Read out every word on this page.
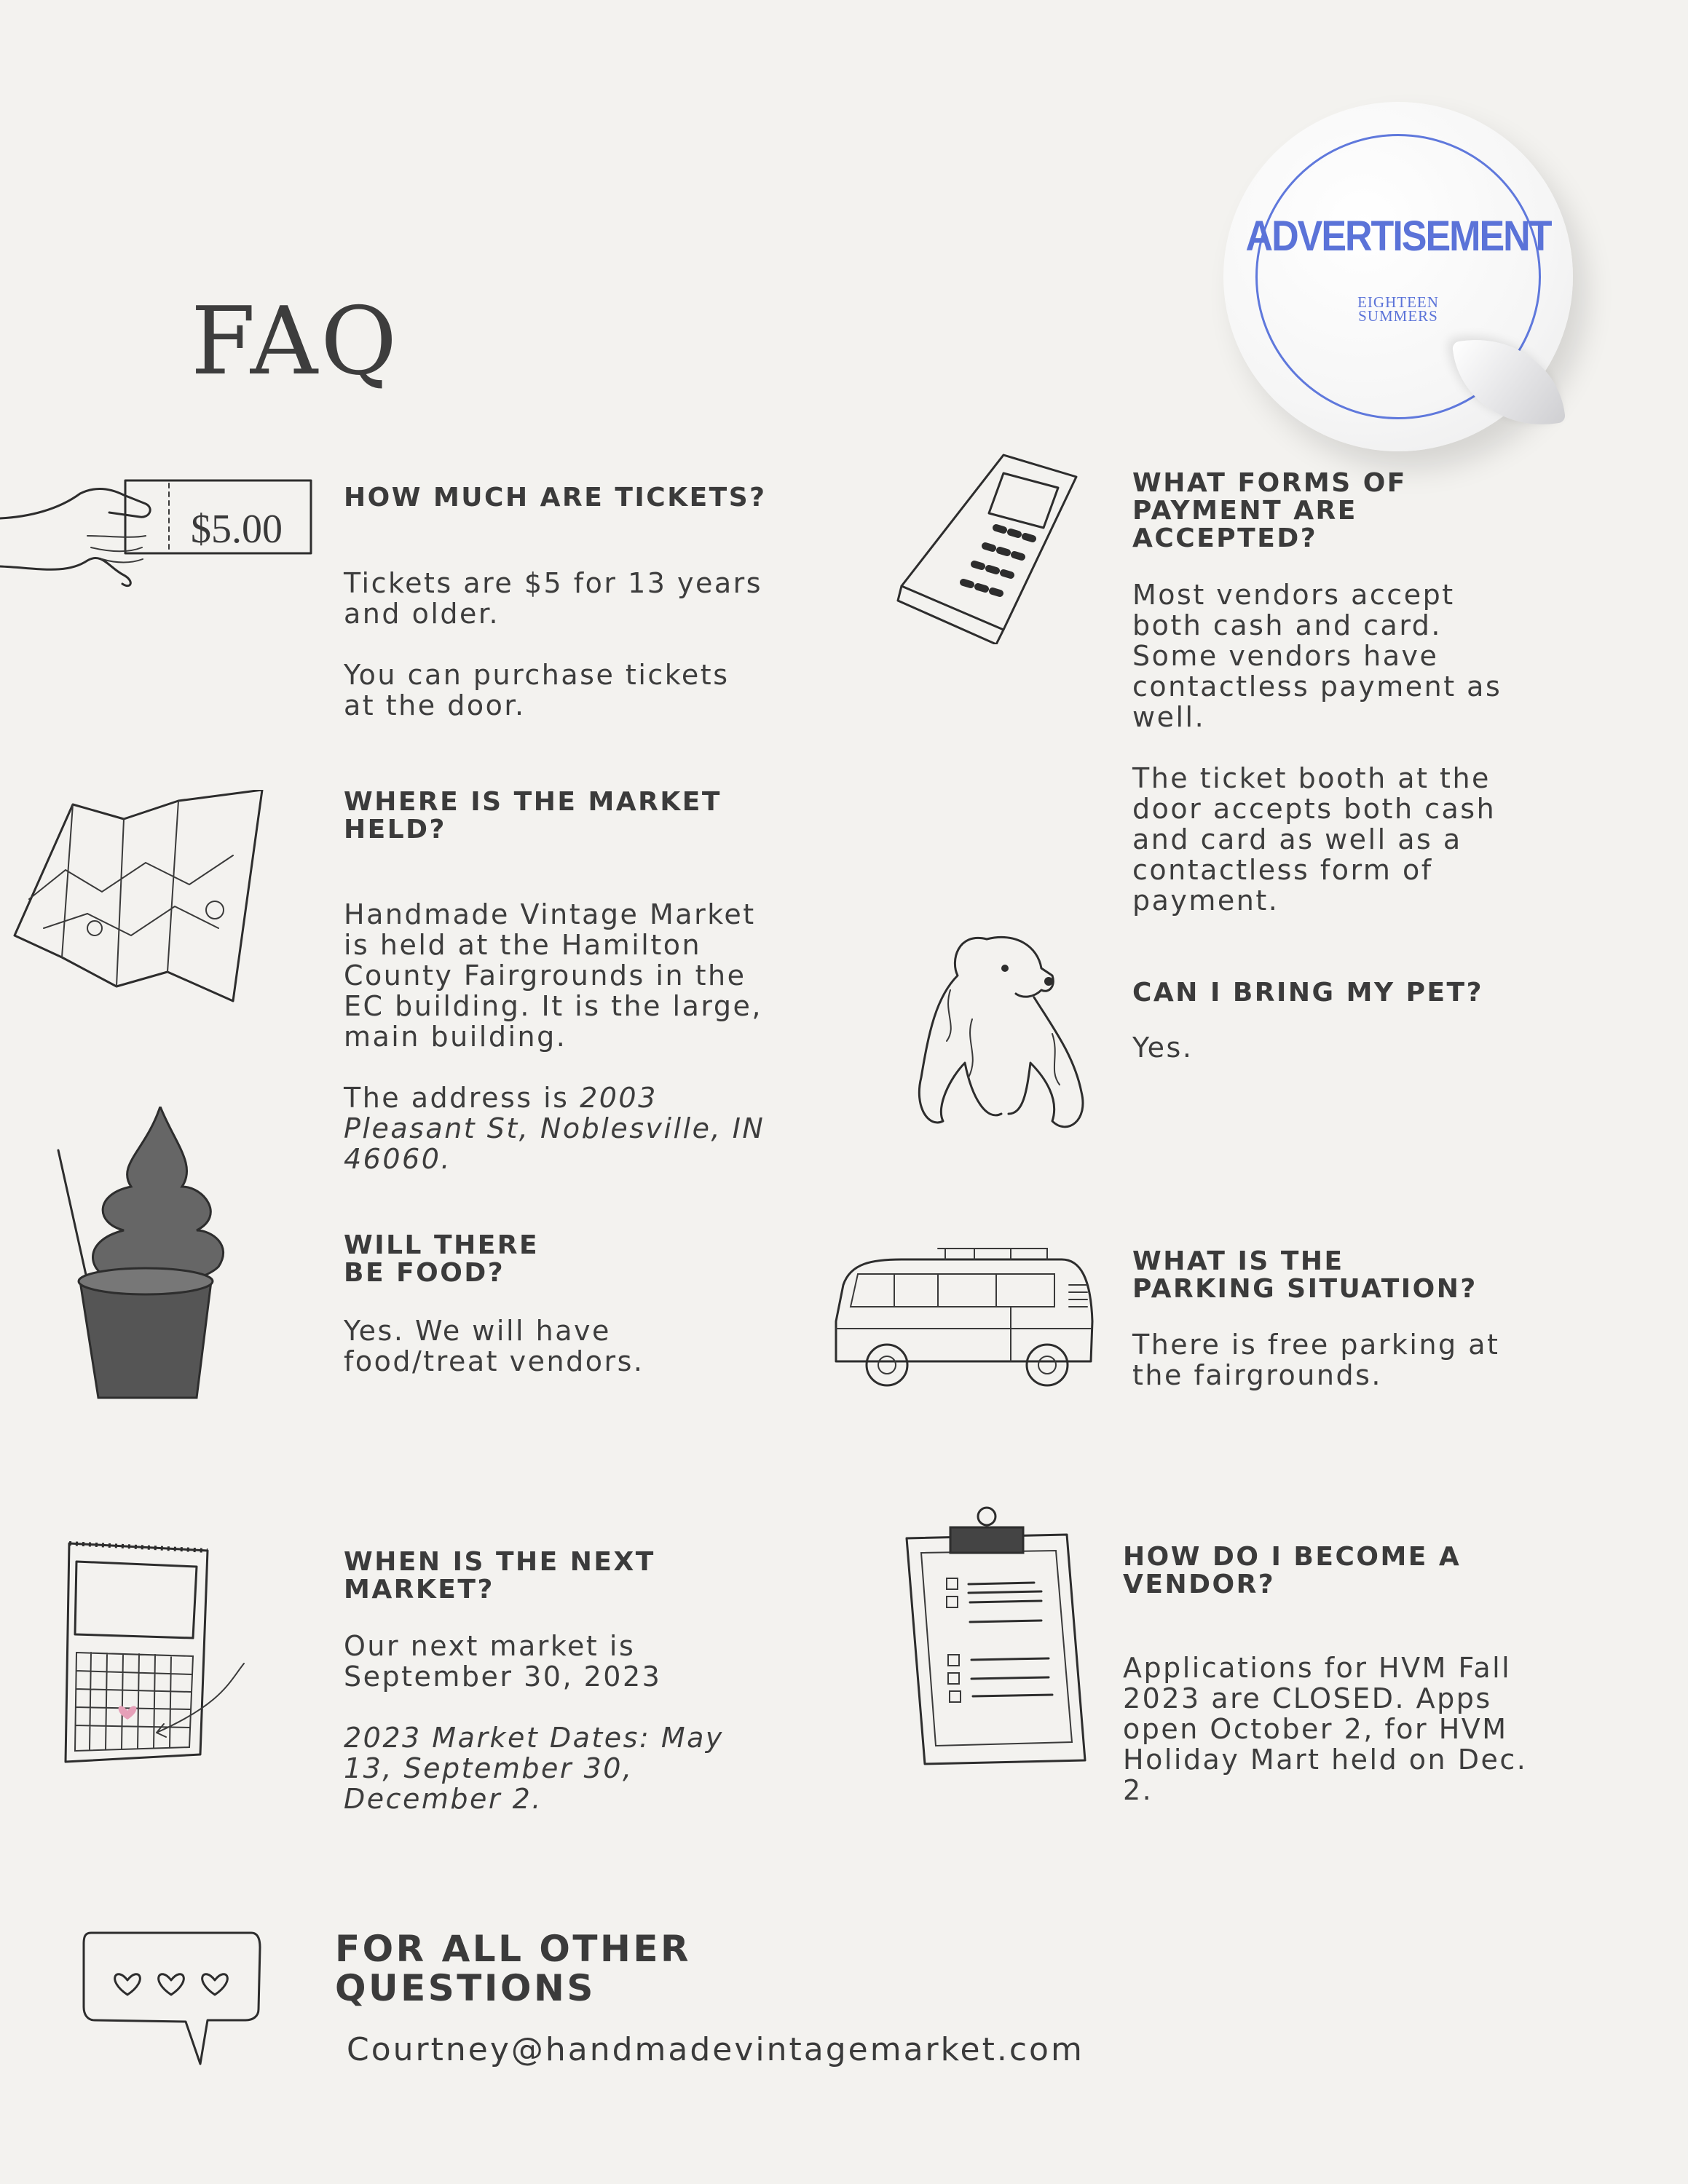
FAQ
ADVERTISEMENT
EIGHTEEN
SUMMERS
$5.00

HOW MUCH ARE TICKETS?

Tickets are $5 for 13 years
and older.

You can purchase tickets
at the door.

WHERE IS THE MARKET

HELD?

Handmade Vintage Market
is held at the Hamilton
County Fairgrounds in the
EC building. It is the large,
main building.

The address is 2003
Pleasant St, Noblesville, IN
46060.

WILL THERE

BE FOOD?

Yes. We will have
food/treat vendors.

WHEN IS THE NEXT

MARKET?

Our next market is
September 30, 2023

2023 Market Dates: May
13, September 30,
December 2.

WHAT FORMS OF

PAYMENT ARE

ACCEPTED?

Most vendors accept
both cash and card.
Some vendors have
contactless payment as
well.

The ticket booth at the
door accepts both cash
and card as well as a
contactless form of
payment.

CAN I BRING MY PET?

Yes.

WHAT IS THE

PARKING SITUATION?

There is free parking at
the fairgrounds.

HOW DO I BECOME A

VENDOR?

Applications for HVM Fall
2023 are CLOSED. Apps
open October 2, for HVM
Holiday Mart held on Dec.
2.

FOR ALL OTHER

QUESTIONS

Courtney@handmadevintagemarket.com
